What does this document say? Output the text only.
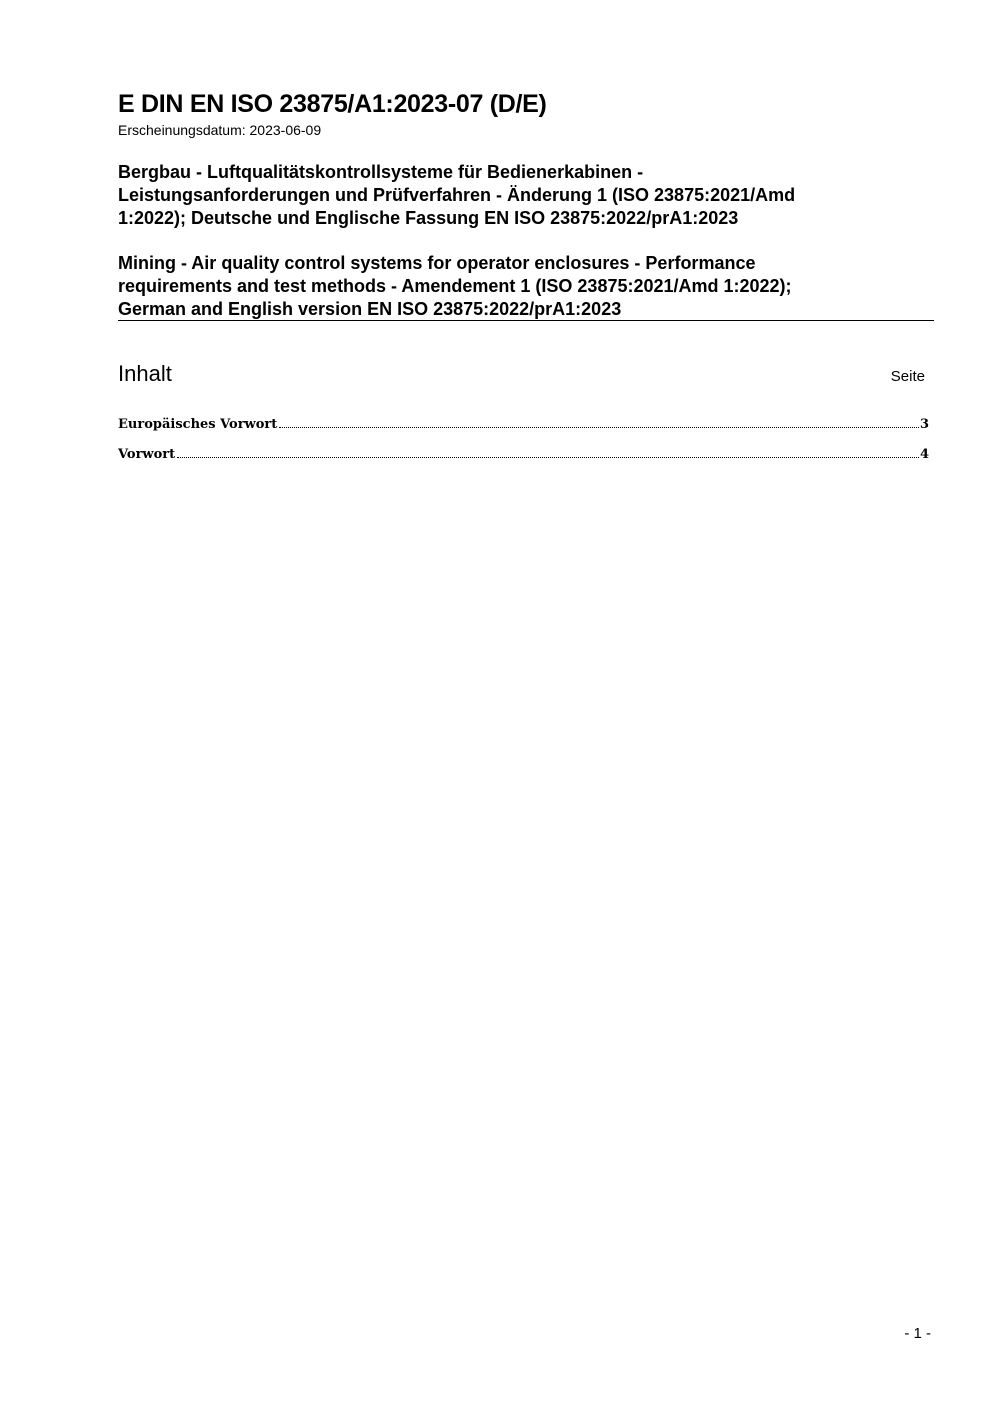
E DIN EN ISO 23875/A1:2023-07 (D/E)
Erscheinungsdatum: 2023-06-09
Bergbau - Luftqualitätskontrollsysteme für Bedienerkabinen -
Leistungsanforderungen und Prüfverfahren - Änderung 1 (ISO 23875:2021/Amd
1:2022); Deutsche und Englische Fassung EN ISO 23875:2022/prA1:2023
Mining - Air quality control systems for operator enclosures - Performance
requirements and test methods - Amendement 1 (ISO 23875:2021/Amd 1:2022);
German and English version EN ISO 23875:2022/prA1:2023
Inhalt	Seite
Europäisches Vorwort	3
Vorwort	4
- 1 -
